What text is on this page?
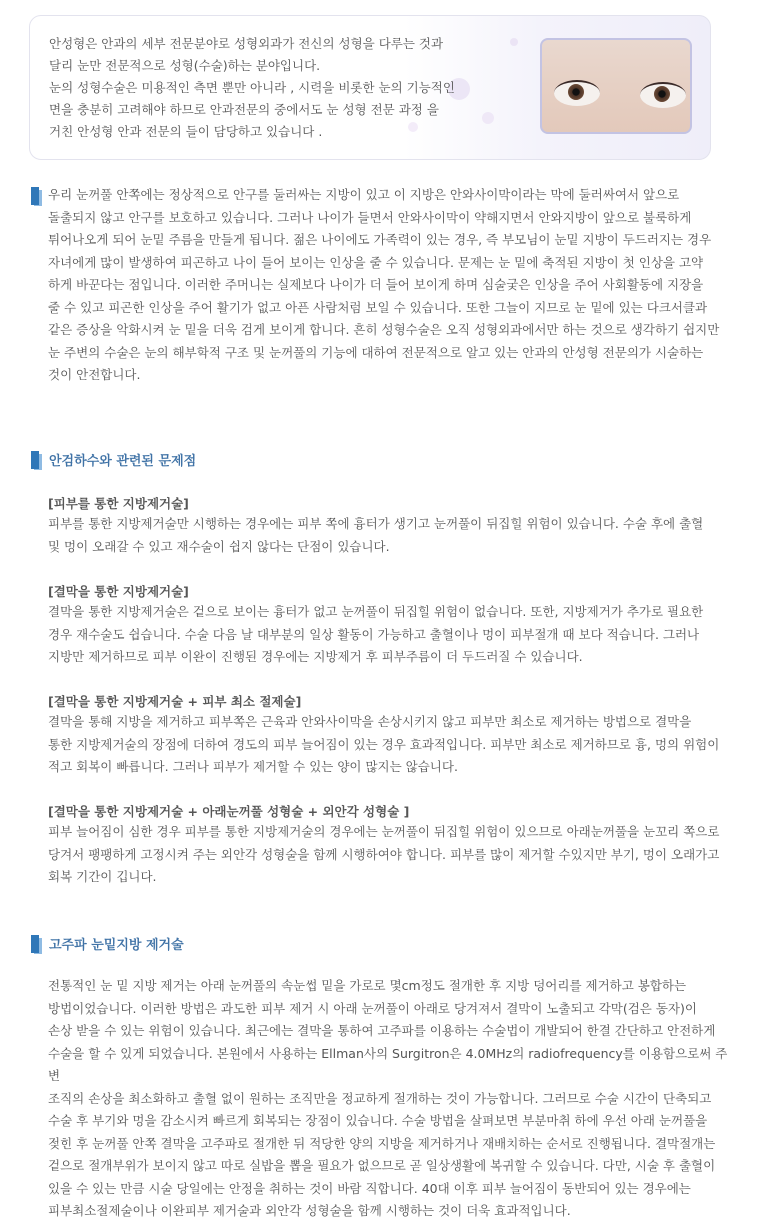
안성형은 안과의 세부 전문분야로 성형외과가 전신의 성형을 다루는 것과

달리 눈만 전문적으로 성형(수술)하는 분야입니다.

눈의 성형수술은 미용적인 측면 뿐만 아니라 , 시력을 비롯한 눈의 기능적인

면을 충분히 고려해야 하므로 안과전문의 중에서도 눈 성형 전문 과정 을

거친 안성형 안과 전문의 들이 담당하고 있습니다 .

우리 눈꺼풀 안쪽에는 정상적으로 안구를 둘러싸는 지방이 있고 이 지방은 안와사이막이라는 막에 둘러싸여서 앞으로

돌출되지 않고 안구를 보호하고 있습니다. 그러나 나이가 들면서 안와사이막이 약해지면서 안와지방이 앞으로 불룩하게

튀어나오게 되어 눈밑 주름을 만들게 됩니다. 젊은 나이에도 가족력이 있는 경우, 즉 부모님이 눈밑 지방이 두드러지는 경우

자녀에게 많이 발생하여 피곤하고 나이 들어 보이는 인상을 줄 수 있습니다. 문제는 눈 밑에 축적된 지방이 첫 인상을 고약

하게 바꾼다는 점입니다. 이러한 주머니는 실제보다 나이가 더 들어 보이게 하며 심술궂은 인상을 주어 사회활동에 지장을

줄 수 있고 피곤한 인상을 주어 활기가 없고 아픈 사람처럼 보일 수 있습니다. 또한 그늘이 지므로 눈 밑에 있는 다크서클과

같은 증상을 악화시켜 눈 밑을 더욱 검게 보이게 합니다. 흔히 성형수술은 오직 성형외과에서만 하는 것으로 생각하기 쉽지만

눈 주변의 수술은 눈의 해부학적 구조 및 눈꺼풀의 기능에 대하여 전문적으로 알고 있는 안과의 안성형 전문의가 시술하는

것이 안전합니다.

안검하수와 관련된 문제점
[피부를 통한 지방제거술]

피부를 통한 지방제거술만 시행하는 경우에는 피부 쪽에 흉터가 생기고 눈꺼풀이 뒤집힐 위험이 있습니다. 수술 후에 출혈

및 멍이 오래갈 수 있고 재수술이 쉽지 않다는 단점이 있습니다.

[결막을 통한 지방제거술]

결막을 통한 지방제거술은 겉으로 보이는 흉터가 없고 눈꺼풀이 뒤집힐 위험이 없습니다. 또한, 지방제거가 추가로 필요한

경우 재수술도 쉽습니다. 수술 다음 날 대부분의 일상 활동이 가능하고 출혈이나 멍이 피부절개 때 보다 적습니다. 그러나

지방만 제거하므로 피부 이완이 진행된 경우에는 지방제거 후 피부주름이 더 두드러질 수 있습니다.

[결막을 통한 지방제거술 + 피부 최소 절제술]

결막을 통해 지방을 제거하고 피부쪽은 근육과 안와사이막을 손상시키지 않고 피부만 최소로 제거하는 방법으로 결막을

통한 지방제거술의 장점에 더하여 경도의 피부 늘어짐이 있는 경우 효과적입니다. 피부만 최소로 제거하므로 흉, 멍의 위험이

적고 회복이 빠릅니다. 그러나 피부가 제거할 수 있는 양이 많지는 않습니다.

[결막을 통한 지방제거술 + 아래눈꺼풀 성형술 + 외안각 성형술 ]

피부 늘어짐이 심한 경우 피부를 통한 지방제거술의 경우에는 눈꺼풀이 뒤집힐 위험이 있으므로 아래눈꺼풀을 눈꼬리 쪽으로

당겨서 팽팽하게 고정시켜 주는 외안각 성형술을 함께 시행하여야 합니다. 피부를 많이 제거할 수있지만 부기, 멍이 오래가고

회복 기간이 깁니다.

고주파 눈밑지방 제거술

전통적인 눈 밑 지방 제거는 아래 눈꺼풀의 속눈썹 밑을 가로로 몇cm정도 절개한 후 지방 덩어리를 제거하고 봉합하는

방법이었습니다. 이러한 방법은 과도한 피부 제거 시 아래 눈꺼풀이 아래로 당겨져서 결막이 노출되고 각막(검은 동자)이

손상 받을 수 있는 위험이 있습니다. 최근에는 결막을 통하여 고주파를 이용하는 수술법이 개발되어 한결 간단하고 안전하게

수술을 할 수 있게 되었습니다. 본원에서 사용하는 Ellman사의 Surgitron은 4.0MHz의 radiofrequency를 이용함으로써 주변

조직의 손상을 최소화하고 출혈 없이 원하는 조직만을 정교하게 절개하는 것이 가능합니다. 그러므로 수술 시간이 단축되고

수술 후 부기와 멍을 감소시켜 빠르게 회복되는 장점이 있습니다. 수술 방법을 살펴보면 부분마취 하에 우선 아래 눈꺼풀을

젖힌 후 눈꺼풀 안쪽 결막을 고주파로 절개한 뒤 적당한 양의 지방을 제거하거나 재배치하는 순서로 진행됩니다. 결막절개는

겉으로 절개부위가 보이지 않고 따로 실밥을 뽑을 필요가 없으므로 곧 일상생활에 복귀할 수 있습니다. 다만, 시술 후 출혈이

있을 수 있는 만큼 시술 당일에는 안정을 취하는 것이 바람 직합니다. 40대 이후 피부 늘어짐이 동반되어 있는 경우에는

피부최소절제술이나 이완피부 제거술과 외안각 성형술을 함께 시행하는 것이 더욱 효과적입니다.
